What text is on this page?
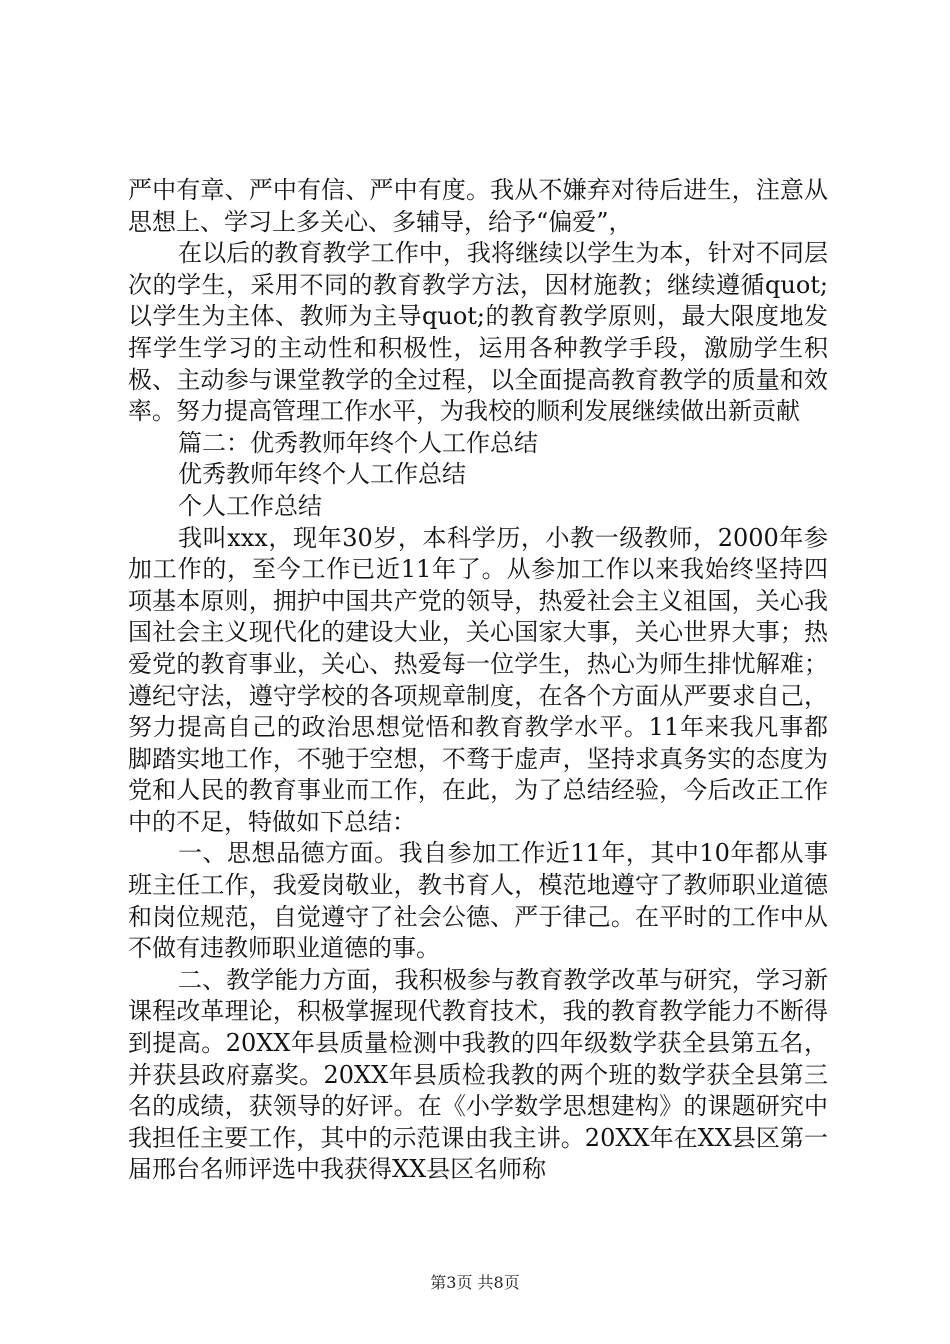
严中有章、严中有信、严中有度。我从不嫌弃对待后进生，注意从思想上、学习上多关心、多辅导，给予“偏爱”，

在以后的教育教学工作中，我将继续以学生为本，针对不同层次的学生，采用不同的教育教学方法，因材施教；继续遵循quot;以学生为主体、教师为主导quot;的教育教学原则，最大限度地发挥学生学习的主动性和积极性，运用各种教学手段，激励学生积极、主动参与课堂教学的全过程，以全面提高教育教学的质量和效率。努力提高管理工作水平，为我校的顺利发展继续做出新贡献

篇二：优秀教师年终个人工作总结

优秀教师年终个人工作总结

个人工作总结

我叫xxx，现年30岁，本科学历，小教一级教师，2000年参加工作的，至今工作已近11年了。从参加工作以来我始终坚持四项基本原则，拥护中国共产党的领导，热爱社会主义祖国，关心我国社会主义现代化的建设大业，关心国家大事，关心世界大事；热爱党的教育事业，关心、热爱每一位学生，热心为师生排忧解难；遵纪守法，遵守学校的各项规章制度，在各个方面从严要求自己，努力提高自己的政治思想觉悟和教育教学水平。11年来我凡事都脚踏实地工作，不驰于空想，不骛于虚声，坚持求真务实的态度为党和人民的教育事业而工作，在此，为了总结经验，今后改正工作中的不足，特做如下总结：

一、思想品德方面。我自参加工作近11年，其中10年都从事班主任工作，我爱岗敬业，教书育人，模范地遵守了教师职业道德和岗位规范，自觉遵守了社会公德、严于律己。在平时的工作中从不做有违教师职业道德的事。

二、教学能力方面，我积极参与教育教学改革与研究，学习新课程改革理论，积极掌握现代教育技术，我的教育教学能力不断得到提高。20XX年县质量检测中我教的四年级数学获全县第五名，并获县政府嘉奖。20XX年县质检我教的两个班的数学获全县第三名的成绩，获领导的好评。在《小学数学思想建构》的课题研究中我担任主要工作，其中的示范课由我主讲。20XX年在XX县区第一届邢台名师评选中我获得XX县区名师称

第3页 共8页
